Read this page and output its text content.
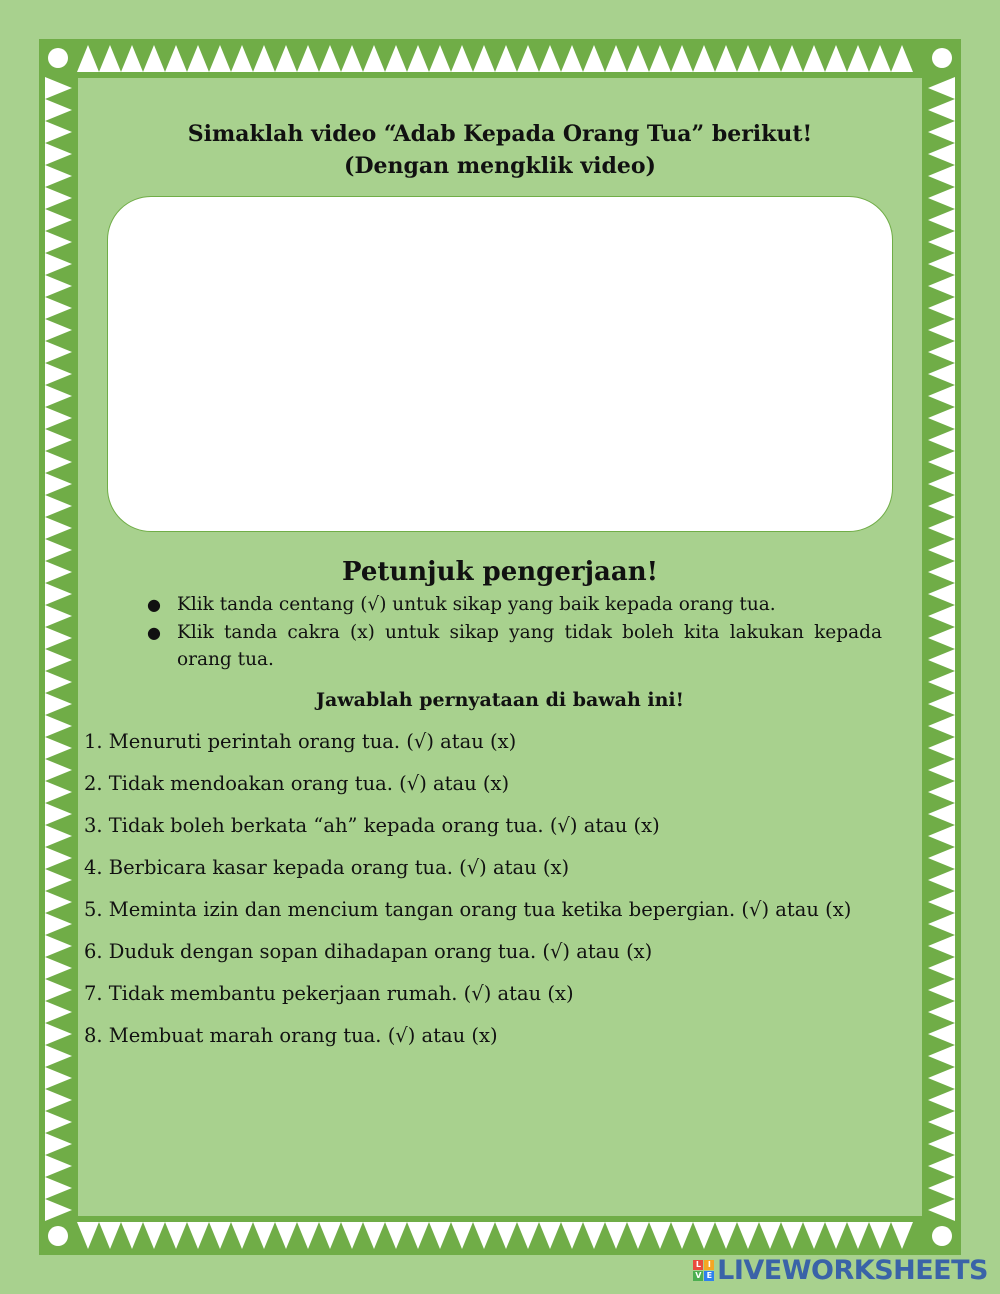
Simaklah video “Adab Kepada Orang Tua” berikut!
(Dengan mengklik video)
Petunjuk pengerjaan!
● Klik tanda centang (√) untuk sikap yang baik kepada orang tua.
● Klik tanda cakra (x) untuk sikap yang tidak boleh kita lakukan kepada orang tua.
Jawablah pernyataan di bawah ini!
1. Menuruti perintah orang tua. (√) atau (x)
2. Tidak mendoakan orang tua. (√) atau (x)
3. Tidak boleh berkata “ah” kepada orang tua. (√) atau (x)
4. Berbicara kasar kepada orang tua. (√) atau (x)
5. Meminta izin dan mencium tangan orang tua ketika bepergian. (√) atau (x)
6. Duduk dengan sopan dihadapan orang tua. (√) atau (x)
7. Tidak membantu pekerjaan rumah. (√) atau (x)
8. Membuat marah orang tua. (√) atau (x)
L I
V E LIVEWORKSHEETS
